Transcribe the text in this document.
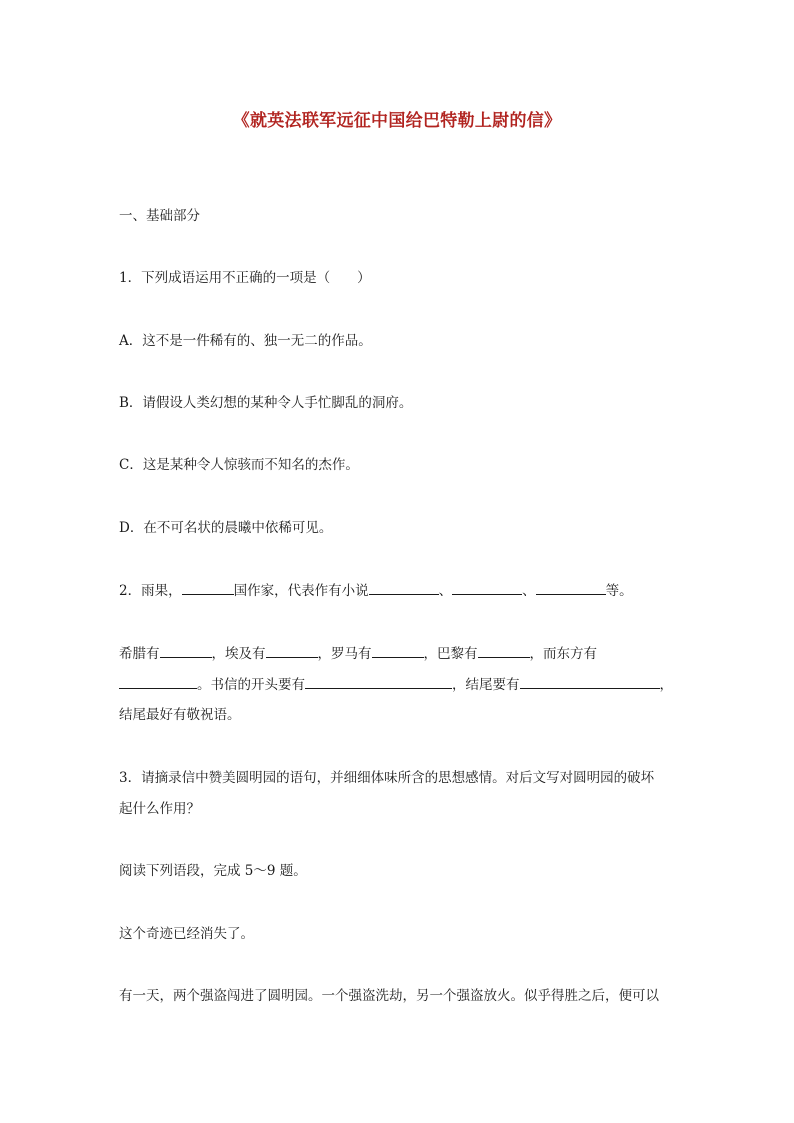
《就英法联军远征中国给巴特勒上尉的信》
一、基础部分
1．下列成语运用不正确的一项是（　　）
A．这不是一件稀有的、独一无二的作品。
B．请假设人类幻想的某种令人手忙脚乱的洞府。
C．这是某种令人惊骇而不知名的杰作。
D．在不可名状的晨曦中依稀可见。
2．雨果，	国作家，代表作有小说	、	、	等。
希腊有	，埃及有	，罗马有	，巴黎有	，而东方有
。书信的开头要有	，结尾要有	，
结尾最好有敬祝语。
3．请摘录信中赞美圆明园的语句，并细细体味所含的思想感情。对后文写对圆明园的破坏
起什么作用？
阅读下列语段，完成 5～9 题。
这个奇迹已经消失了。
有一天，两个强盗闯进了圆明园。一个强盗洗劫，另一个强盗放火。似乎得胜之后，便可以
